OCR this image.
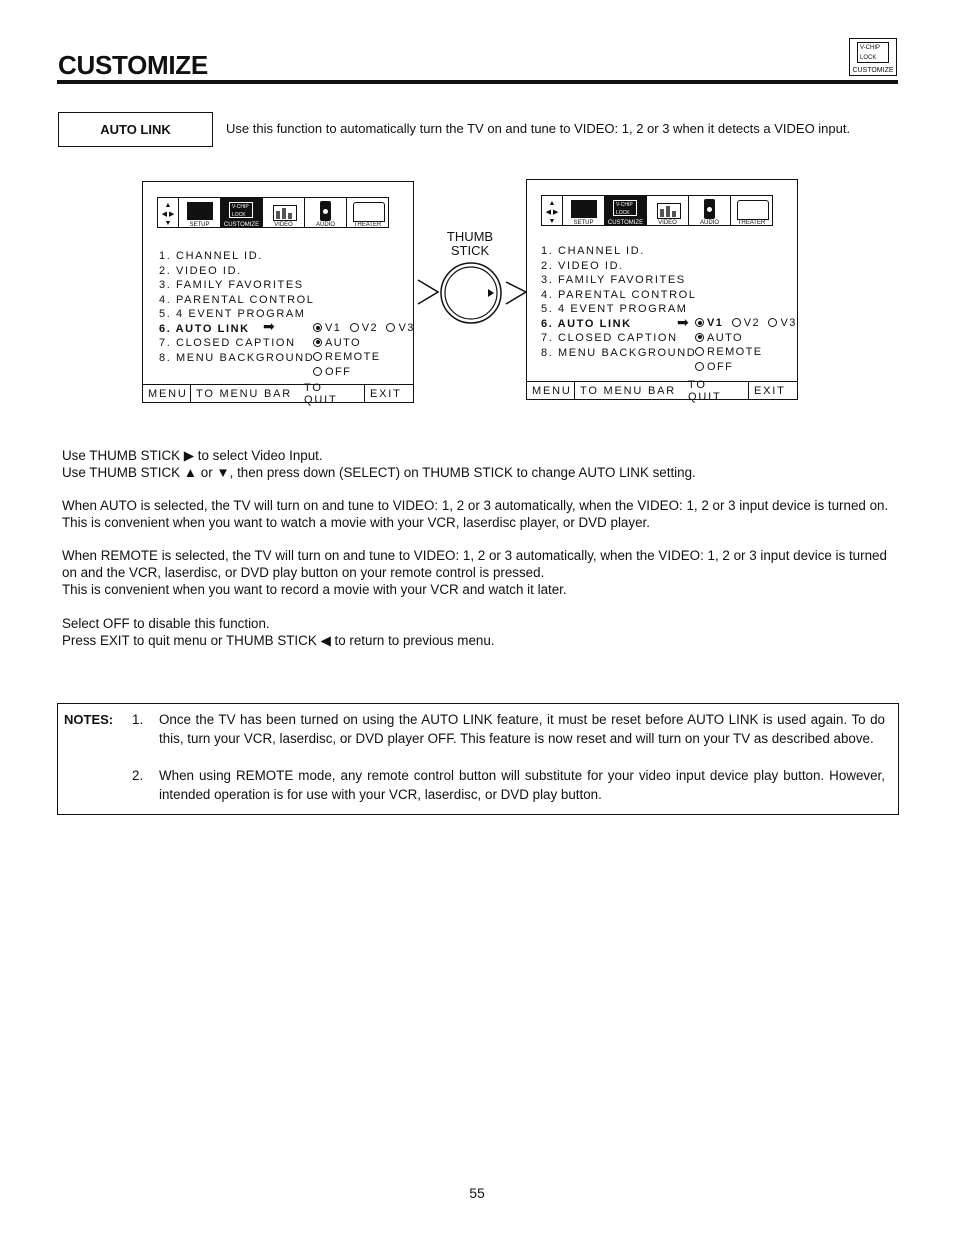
CUSTOMIZE
V-CHIP LOCK
CUSTOMIZE
AUTO LINK	Use this function to automatically turn the TV on and tune to VIDEO: 1, 2 or 3 when it detects a VIDEO input.
▲
◀ ▶
▼	SETUP
V-CHIP LOCK
CUSTOMIZE	VIDEO	AUDIO	THEATER
1. CHANNEL ID.
2. VIDEO ID.
3. FAMILY FAVORITES
4. PARENTAL CONTROL
5. 4 EVENT PROGRAM
6. AUTO LINK
7. CLOSED CAPTION
8. MENU BACKGROUND
➡	V1 V2 V3
AUTO
REMOTE
OFF
MENU TO MENU BAR	TO QUIT	EXIT
THUMB
STICK
▲
◀ ▶
▼	SETUP
V-CHIP LOCK
CUSTOMIZE	VIDEO	AUDIO	THEATER
1. CHANNEL ID.
2. VIDEO ID.
3. FAMILY FAVORITES
4. PARENTAL CONTROL
5. 4 EVENT PROGRAM
6. AUTO LINK
7. CLOSED CAPTION
8. MENU BACKGROUND
➡	V1 V2 V3
AUTO
REMOTE
OFF
MENU TO MENU BAR	TO QUIT	EXIT
Use THUMB STICK ▶ to select Video Input.
Use THUMB STICK ▲ or ▼, then press down (SELECT) on THUMB STICK to change AUTO LINK setting.
When AUTO is selected, the TV will turn on and tune to VIDEO: 1, 2 or 3 automatically, when the VIDEO: 1, 2 or 3 input device is turned on. This is convenient when you want to watch a movie with your VCR, laserdisc player, or DVD player.
When REMOTE is selected, the TV will turn on and tune to VIDEO: 1, 2 or 3 automatically, when the VIDEO: 1, 2 or 3 input device is turned on and the VCR, laserdisc, or DVD play button on your remote control is pressed.
This is convenient when you want to record a movie with your VCR and watch it later.
Select OFF to disable this function.
Press EXIT to quit menu or THUMB STICK ◀ to return to previous menu.
NOTES: 1. Once the TV has been turned on using the AUTO LINK feature, it must be reset before AUTO LINK is used again. To do this, turn your VCR, laserdisc, or DVD player OFF. This feature is now reset and will turn on your TV as described above.
2. When using REMOTE mode, any remote control button will substitute for your video input device play button. However, intended operation is for use with your VCR, laserdisc, or DVD play button.
55
